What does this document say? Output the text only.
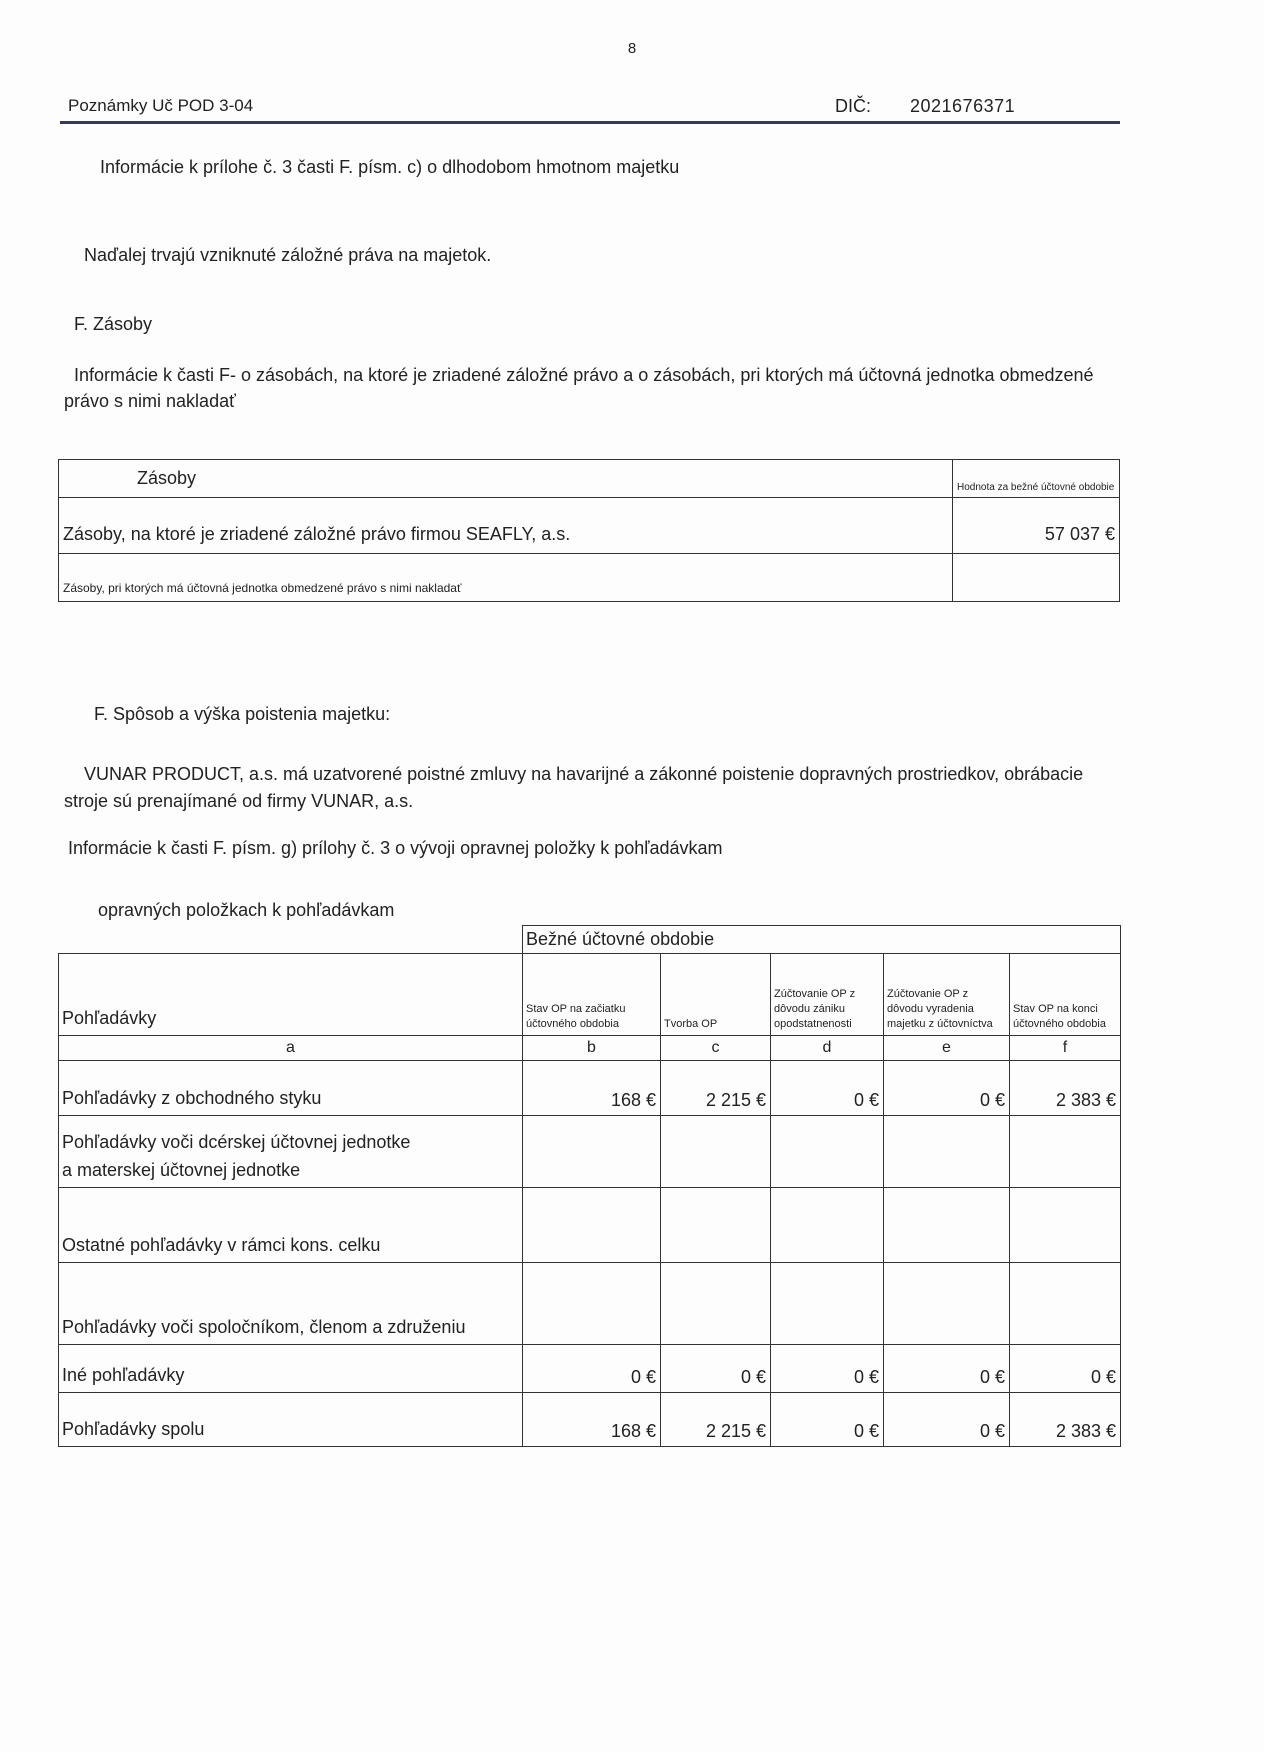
8
Poznámky Uč POD 3-04	DIČ: 2021676371
Informácie k prílohe č. 3 časti F. písm. c) o dlhodobom hmotnom majetku
Naďalej trvajú vzniknuté záložné práva na majetok.
F. Zásoby
Informácie k časti F- o zásobách, na ktoré je zriadené záložné právo a o zásobách, pri ktorých má účtovná jednotka obmedzené
právo s nimi nakladať
Zásoby	Hodnota za bežné účtovné obdobie
Zásoby, na ktoré je zriadené záložné právo firmou SEAFLY, a.s.	57 037 €
Zásoby, pri ktorých má účtovná jednotka obmedzené právo s nimi nakladať	
F. Spôsob a výška poistenia majetku:
VUNAR PRODUCT, a.s. má uzatvorené poistné zmluvy na havarijné a zákonné poistenie dopravných prostriedkov, obrábacie
stroje sú prenajímané od firmy VUNAR, a.s.
Informácie k časti F. písm. g) prílohy č. 3 o vývoji opravnej položky k pohľadávkam
opravných položkach k pohľadávkam
	Bežné účtovné obdobie				
Pohľadávky	Stav OP na začiatku účtovného obdobia	Tvorba OP	Zúčtovanie OP z dôvodu zániku opodstatnenosti	Zúčtovanie OP z dôvodu vyradenia majetku z účtovníctva	Stav OP na konci účtovného obdobia
a	b	c	d	e	f
Pohľadávky z obchodného styku	168 €	2 215 €	0 €	0 €	2 383 €

Pohľadávky voči dcérskej účtovnej jednotke
a materskej účtovnej jednotke					

Ostatné pohľadávky v rámci kons. celku					
Pohľadávky voči spoločníkom, členom a združeniu					
Iné pohľadávky	0 €	0 €	0 €	0 €	0 €
Pohľadávky spolu	168 €	2 215 €	0 €	0 €	2 383 €
